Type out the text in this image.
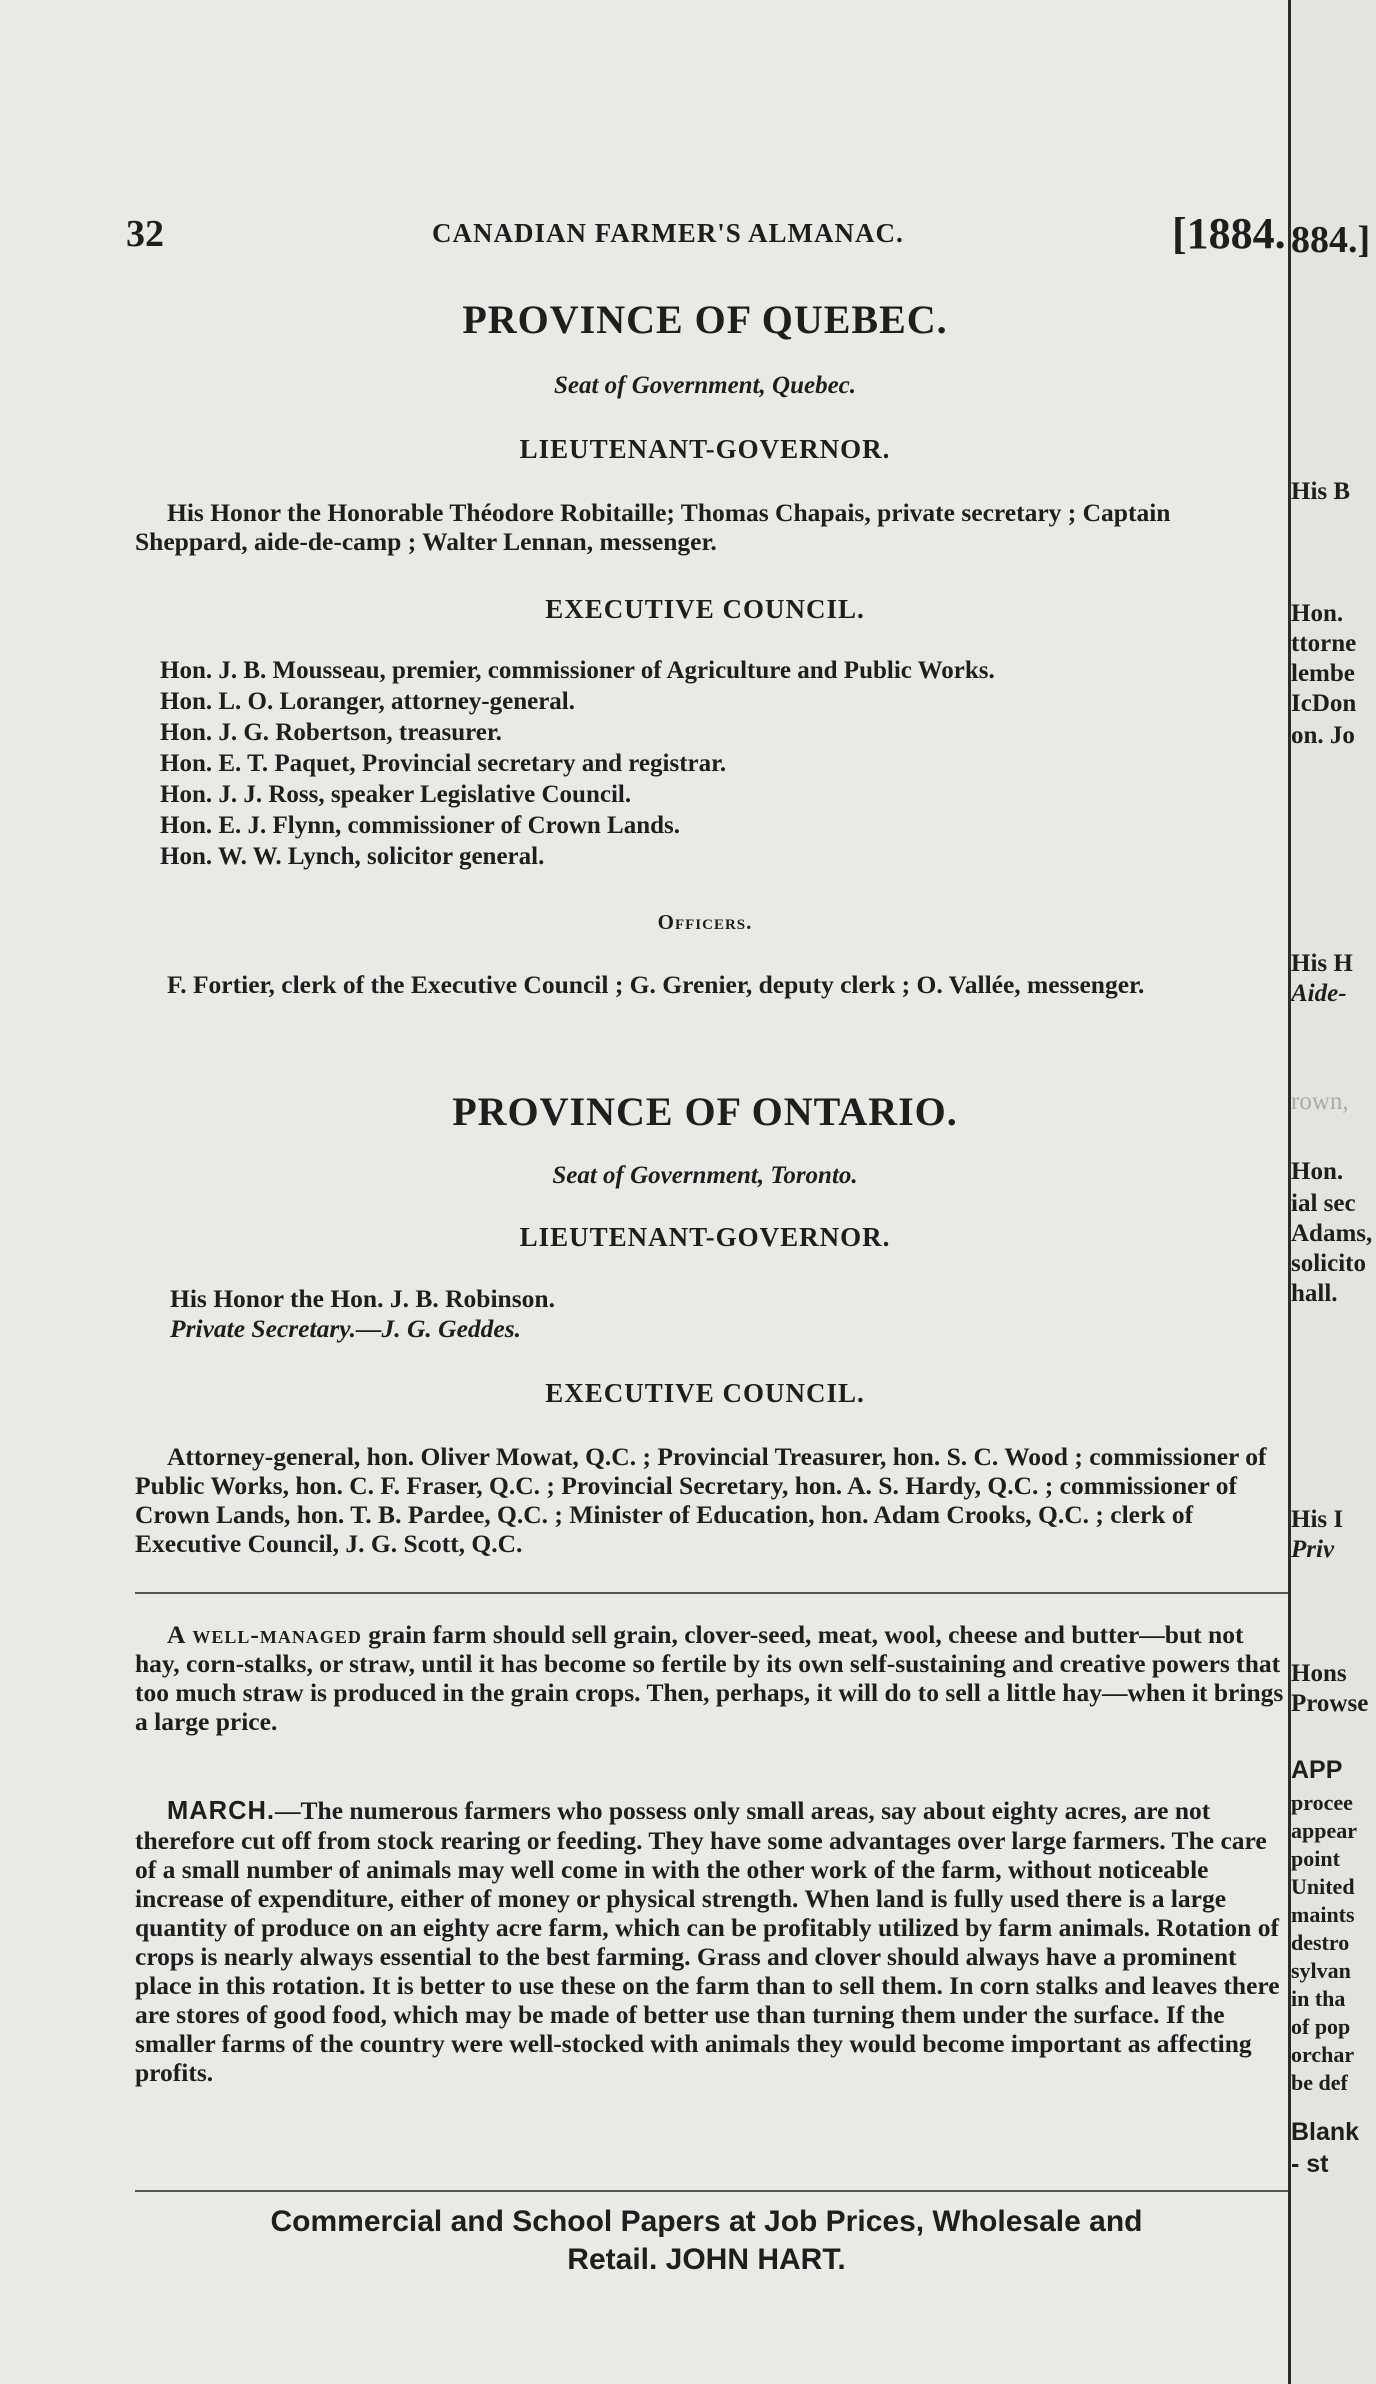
32	CANADIAN FARMER'S ALMANAC.	[1884.
PROVINCE OF QUEBEC.
Seat of Government, Quebec.
LIEUTENANT-GOVERNOR.
His Honor the Honorable Théodore Robitaille; Thomas Chapais, private secretary ; Captain Sheppard, aide-de-camp ; Walter Lennan, messenger.
EXECUTIVE COUNCIL.
Hon. J. B. Mousseau, premier, commissioner of Agriculture and Public Works.
Hon. L. O. Loranger, attorney-general.
Hon. J. G. Robertson, treasurer.
Hon. E. T. Paquet, Provincial secretary and registrar.
Hon. J. J. Ross, speaker Legislative Council.
Hon. E. J. Flynn, commissioner of Crown Lands.
Hon. W. W. Lynch, solicitor general.
Officers.
F. Fortier, clerk of the Executive Council ; G. Grenier, deputy clerk ; O. Vallée, messenger.
PROVINCE OF ONTARIO.
Seat of Government, Toronto.
LIEUTENANT-GOVERNOR.
His Honor the Hon. J. B. Robinson.
Private Secretary.—J. G. Geddes.
EXECUTIVE COUNCIL.
Attorney-general, hon. Oliver Mowat, Q.C. ; Provincial Treasurer, hon. S. C. Wood ; commissioner of Public Works, hon. C. F. Fraser, Q.C. ; Provincial Secretary, hon. A. S. Hardy, Q.C. ; commissioner of Crown Lands, hon. T. B. Pardee, Q.C. ; Minister of Education, hon. Adam Crooks, Q.C. ; clerk of Executive Council, J. G. Scott, Q.C.
A well-managed grain farm should sell grain, clover-seed, meat, wool, cheese and butter—but not hay, corn-stalks, or straw, until it has become so fertile by its own self-sustaining and creative powers that too much straw is produced in the grain crops. Then, perhaps, it will do to sell a little hay—when it brings a large price.
MARCH.—The numerous farmers who possess only small areas, say about eighty acres, are not therefore cut off from stock rearing or feeding. They have some advantages over large farmers. The care of a small number of animals may well come in with the other work of the farm, without noticeable increase of expenditure, either of money or physical strength. When land is fully used there is a large quantity of produce on an eighty acre farm, which can be profitably utilized by farm animals. Rotation of crops is nearly always essential to the best farming. Grass and clover should always have a prominent place in this rotation. It is better to use these on the farm than to sell them. In corn stalks and leaves there are stores of good food, which may be made of better use than turning them under the surface. If the smaller farms of the country were well-stocked with animals they would become important as affecting profits.
Commercial and School Papers at Job Prices, Wholesale and
Retail. JOHN HART.
884.]
His B
Hon.
ttorne
lembe
IcDon
on. Jo
His H
Aide-
rown,
Hon.
ial sec
Adams,
solicito
hall.
His I
Priv
Hons
Prowse
APP
procee
appear
point
United
maints
destro
sylvan
in tha
of pop
orchar
be def
Blank
- st
